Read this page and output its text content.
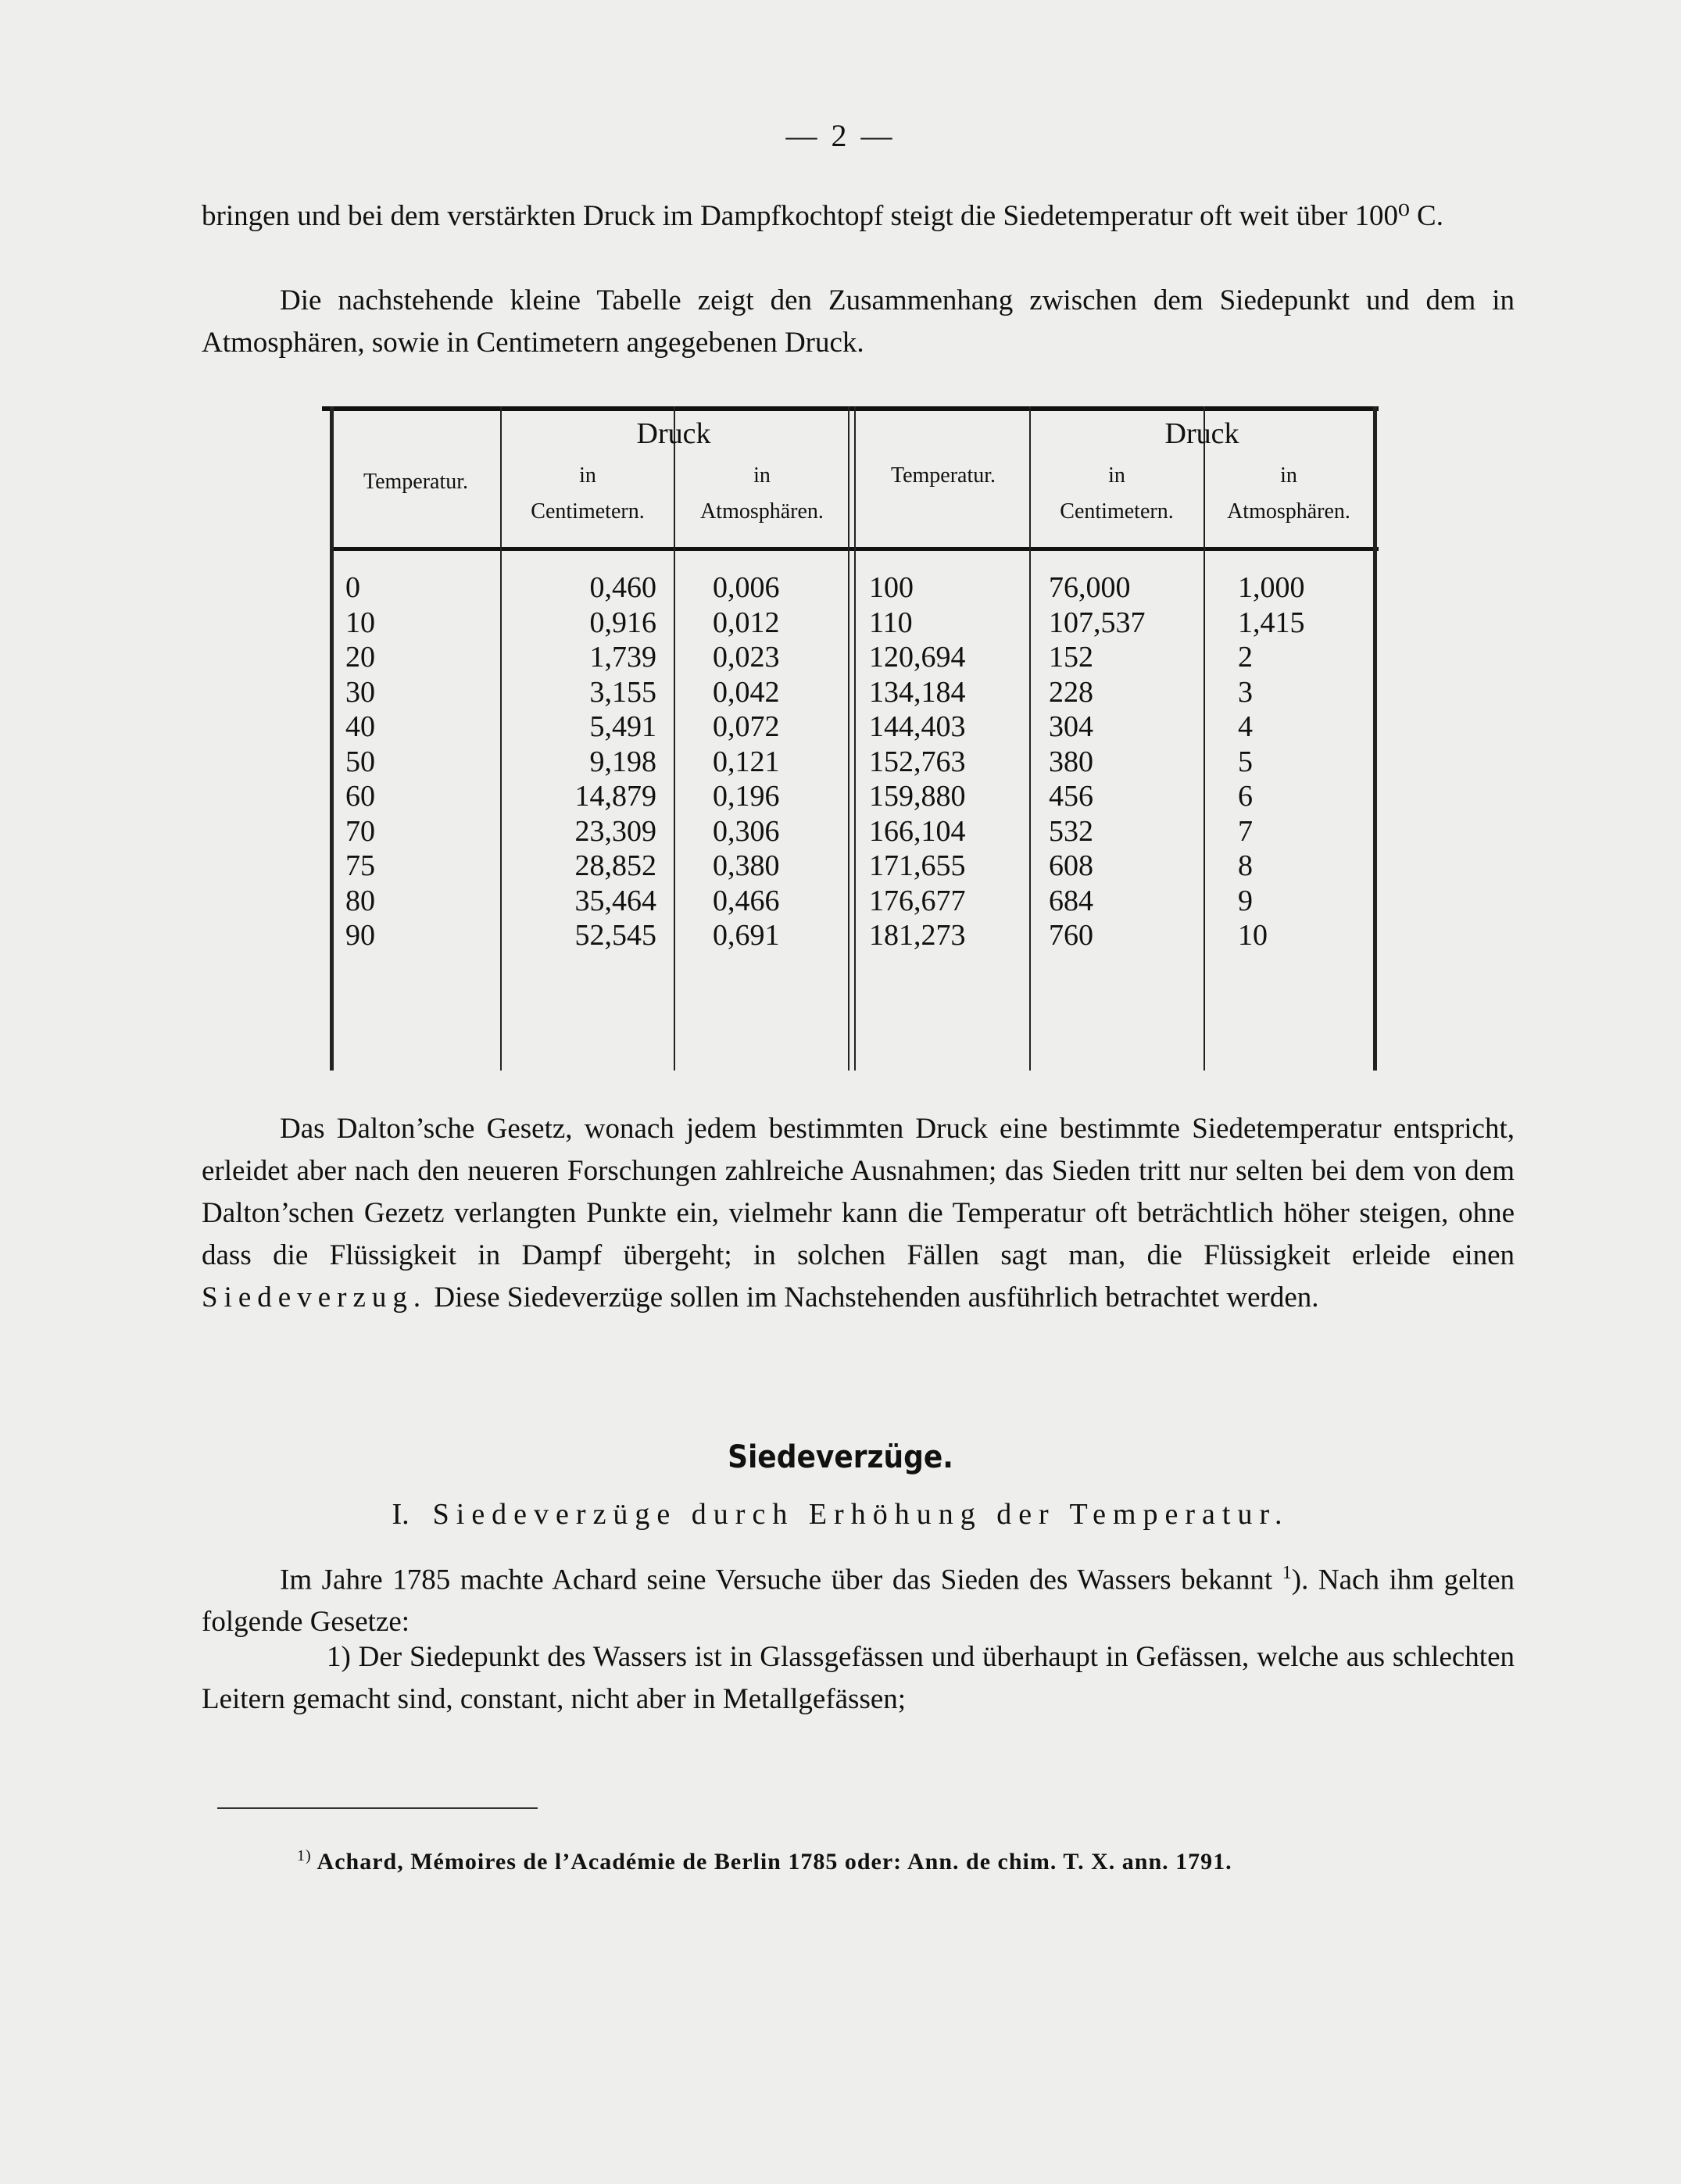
— 2 —

bringen und bei dem verstärkten Druck im Dampfkochtopf steigt die Siedetemperatur oft weit über 100⁰ C.

Die nachstehende kleine Tabelle zeigt den Zusammenhang zwischen dem Siedepunkt und dem in Atmosphären, sowie in Centimetern angegebenen Druck.

Druck
Temperatur.	in
Centimetern.
in
Atmosphären.
Druck
Temperatur.	in
Centimetern.
in
Atmosphären.
0
10
20
30
40
50
60
70
75
80
90
0,460
0,916
1,739
3,155
5,491
9,198
14,879
23,309
28,852
35,464
52,545
0,006
0,012
0,023
0,042
0,072
0,121
0,196
0,306
0,380
0,466
0,691
100
110
120,694
134,184
144,403
152,763
159,880
166,104
171,655
176,677
181,273
76,000
107,537
152
228
304
380
456
532
608
684
760
1,000
1,415
2
3
4
5
6
7
8
9
10

Das Dalton’sche Gesetz, wonach jedem bestimmten Druck eine bestimmte Siedetemperatur entspricht, erleidet aber nach den neueren Forschungen zahlreiche Ausnahmen; das Sieden tritt nur selten bei dem von dem Dalton’schen Gezetz verlangten Punkte ein, vielmehr kann die Temperatur oft beträchtlich höher steigen, ohne dass die Flüssigkeit in Dampf übergeht; in solchen Fällen sagt man, die Flüssigkeit erleide einen Siedeverzug. Diese Siedeverzüge sollen im Nachstehenden ausführlich betrachtet werden.

Siedeverzüge.
I. Siedeverzüge durch Erhöhung der Temperatur.

Im Jahre 1785 machte Achard seine Versuche über das Sieden des Wassers bekannt $^1$). Nach ihm gelten folgende Gesetze:

1) Der Siedepunkt des Wassers ist in Glassgefässen und überhaupt in Gefässen, welche aus schlechten Leitern gemacht sind, constant, nicht aber in Metallgefässen;

$^{1)}$ Achard, Mémoires de l’Académie de Berlin 1785 oder: Ann. de chim. T. X. ann. 1791.
